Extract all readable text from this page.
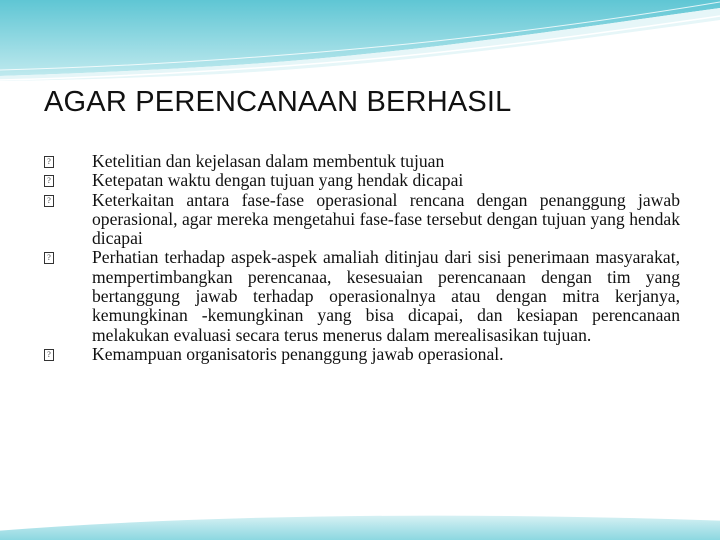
AGAR PERENCANAAN BERHASIL
? Ketelitian dan kejelasan dalam membentuk tujuan
? Ketepatan waktu dengan tujuan yang hendak dicapai
? Keterkaitan antara fase-fase operasional rencana dengan penanggung jawab operasional, agar mereka mengetahui fase-fase tersebut dengan tujuan yang hendak dicapai
? Perhatian terhadap aspek-aspek amaliah ditinjau dari sisi penerimaan masyarakat, mempertimbangkan perencanaa, kesesuaian perencanaan dengan tim yang bertanggung jawab terhadap operasionalnya atau dengan mitra kerjanya, kemungkinan -kemungkinan yang bisa dicapai, dan kesiapan perencanaan melakukan evaluasi secara terus menerus dalam merealisasikan tujuan.
? Kemampuan organisatoris penanggung jawab operasional.
